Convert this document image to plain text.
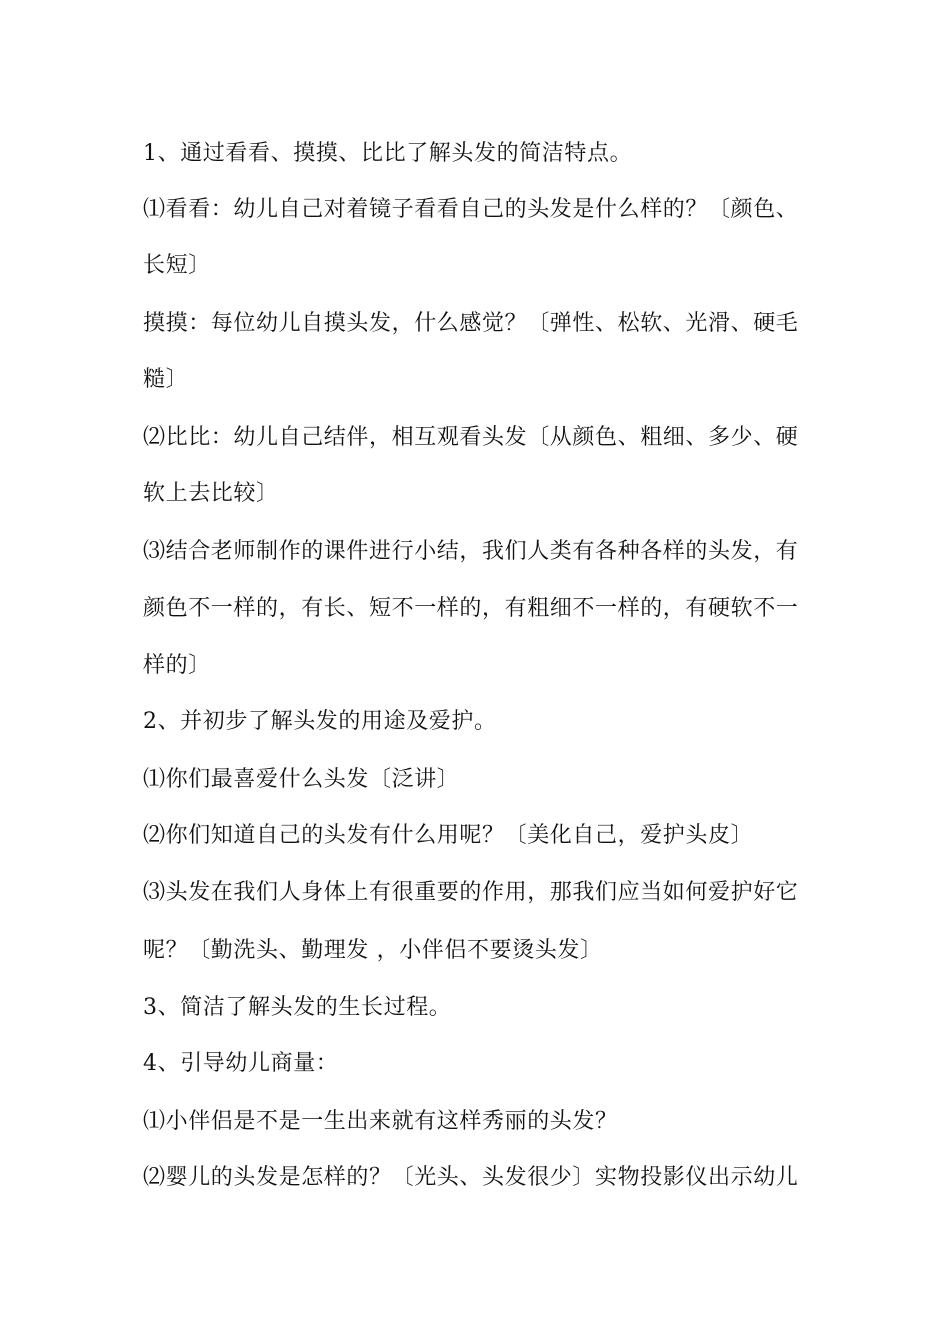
1、通过看看、摸摸、比比了解头发的简洁特点。
⑴看看：幼儿自己对着镜子看看自己的头发是什么样的？〔颜色、
长短〕
摸摸：每位幼儿自摸头发，什么感觉？〔弹性、松软、光滑、硬毛
糙〕
⑵比比：幼儿自己结伴，相互观看头发〔从颜色、粗细、多少、硬
软上去比较〕
⑶结合老师制作的课件进行小结，我们人类有各种各样的头发，有
颜色不一样的，有长、短不一样的，有粗细不一样的，有硬软不一
样的〕
2、并初步了解头发的用途及爱护。
⑴你们最喜爱什么头发〔泛讲〕
⑵你们知道自己的头发有什么用呢？〔美化自己，爱护头皮〕
⑶头发在我们人身体上有很重要的作用，那我们应当如何爱护好它
呢？〔勤洗头、勤理发 ，小伴侣不要烫头发〕
3、简洁了解头发的生长过程。
4、引导幼儿商量：
⑴小伴侣是不是一生出来就有这样秀丽的头发？
⑵婴儿的头发是怎样的？〔光头、头发很少〕实物投影仪出示幼儿
